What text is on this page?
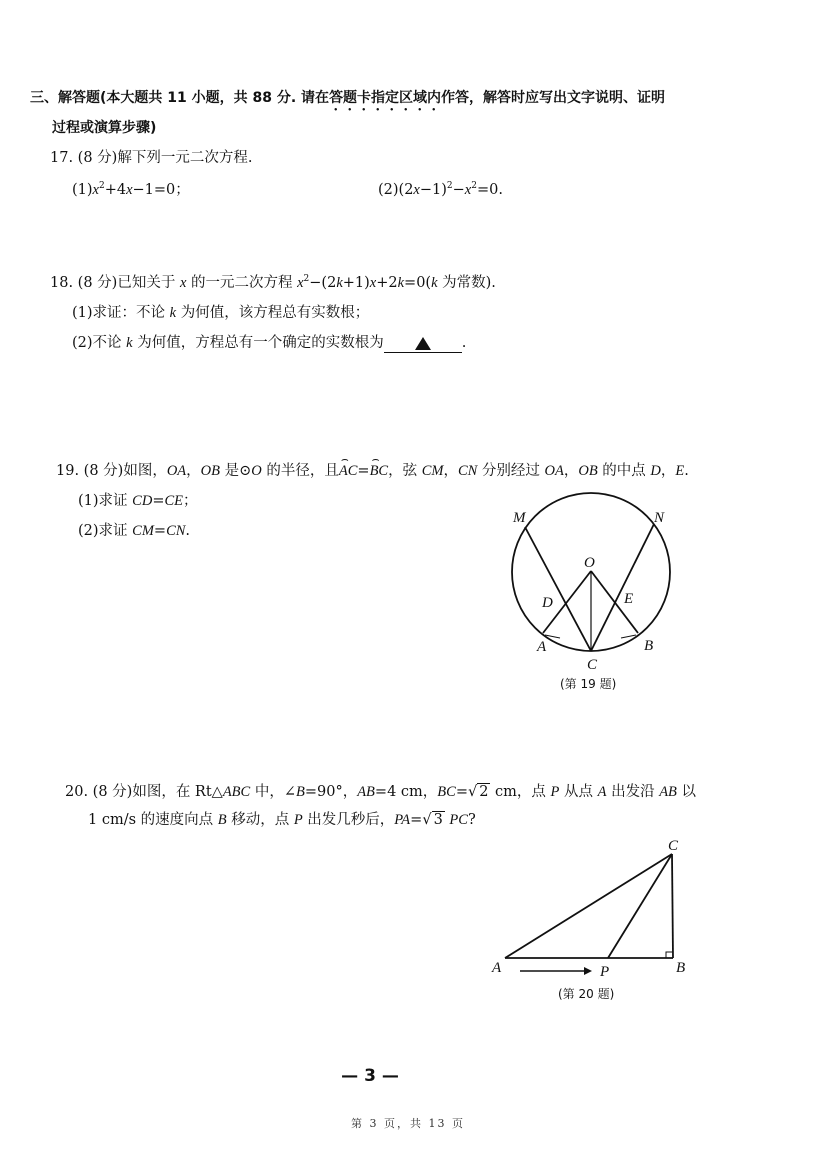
三、解答题(本大题共 11 小题，共 88 分. 请在答题卡指定区域内作答，解答时应写出文字说明、证明
过程或演算步骤)
17. (8 分)解下列一元二次方程.
$(1)x^2+4x-1=0$；	$(2)(2x-1)^2-x^2=0$.
18. (8 分)已知关于 x 的一元二次方程 $x^2-(2k+1)x+2k=0(k$ 为常数).
(1)求证：不论 k 为何值，该方程总有实数根；
(2)不论 k 为何值，方程总有一个确定的实数根为	.
19. (8 分)如图，OA，OB 是⊙O 的半径，且⌢ AC=⌢ BC，弦 CM，CN 分别经过 OA，OB 的中点 D，E.
(1)求证 CD=CE；
(2)求证 CM=CN.
M	N
O
D	E
A	B
C
(第 19 题)
A	B
C
P
(第 20 题)
20. (8 分)如图，在 Rt△ABC 中，∠B=90°，AB=4 cm，BC=√ 2 cm，点 P 从点 A 出发沿 AB 以
1 cm/s 的速度向点 B 移动，点 P 出发几秒后，PA=√ 3 PC?
— 3 —
第 3 页，共 13 页
